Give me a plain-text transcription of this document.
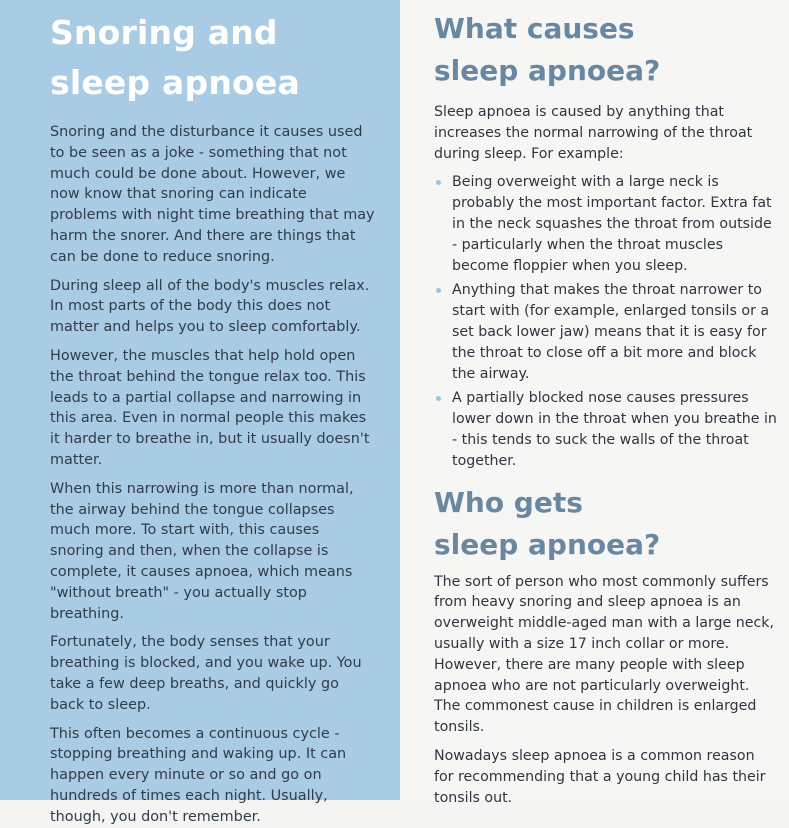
Snoring and
sleep apnoea

Snoring and the disturbance it causes used to be seen as a joke - something that not much could be done about. However, we now know that snoring can indicate problems with night time breathing that may harm the snorer. And there are things that can be done to reduce snoring.

During sleep all of the body's muscles relax. In most parts of the body this does not matter and helps you to sleep comfortably.

However, the muscles that help hold open the throat behind the tongue relax too. This leads to a partial collapse and narrowing in this area. Even in normal people this makes it harder to breathe in, but it usually doesn't matter.

When this narrowing is more than normal, the airway behind the tongue collapses much more. To start with, this causes snoring and then, when the collapse is complete, it causes apnoea, which means "without breath" - you actually stop breathing.

Fortunately, the body senses that your breathing is blocked, and you wake up. You take a few deep breaths, and quickly go back to sleep.

This often becomes a continuous cycle - stopping breathing and waking up. It can happen every minute or so and go on hundreds of times each night. Usually, though, you don't remember.

What causes
sleep apnoea?

Sleep apnoea is caused by anything that increases the normal narrowing of the throat during sleep. For example:

Being overweight with a large neck is probably the most important factor. Extra fat in the neck squashes the throat from outside - particularly when the throat muscles become floppier when you sleep.
Anything that makes the throat narrower to start with (for example, enlarged tonsils or a set back lower jaw) means that it is easy for the throat to close off a bit more and block the airway.
A partially blocked nose causes pressures lower down in the throat when you breathe in - this tends to suck the walls of the throat together.
Who gets
sleep apnoea?

The sort of person who most commonly suffers from heavy snoring and sleep apnoea is an overweight middle-aged man with a large neck, usually with a size 17 inch collar or more. However, there are many people with sleep apnoea who are not particularly overweight. The commonest cause in children is enlarged tonsils.

Nowadays sleep apnoea is a common reason for recommending that a young child has their tonsils out.
